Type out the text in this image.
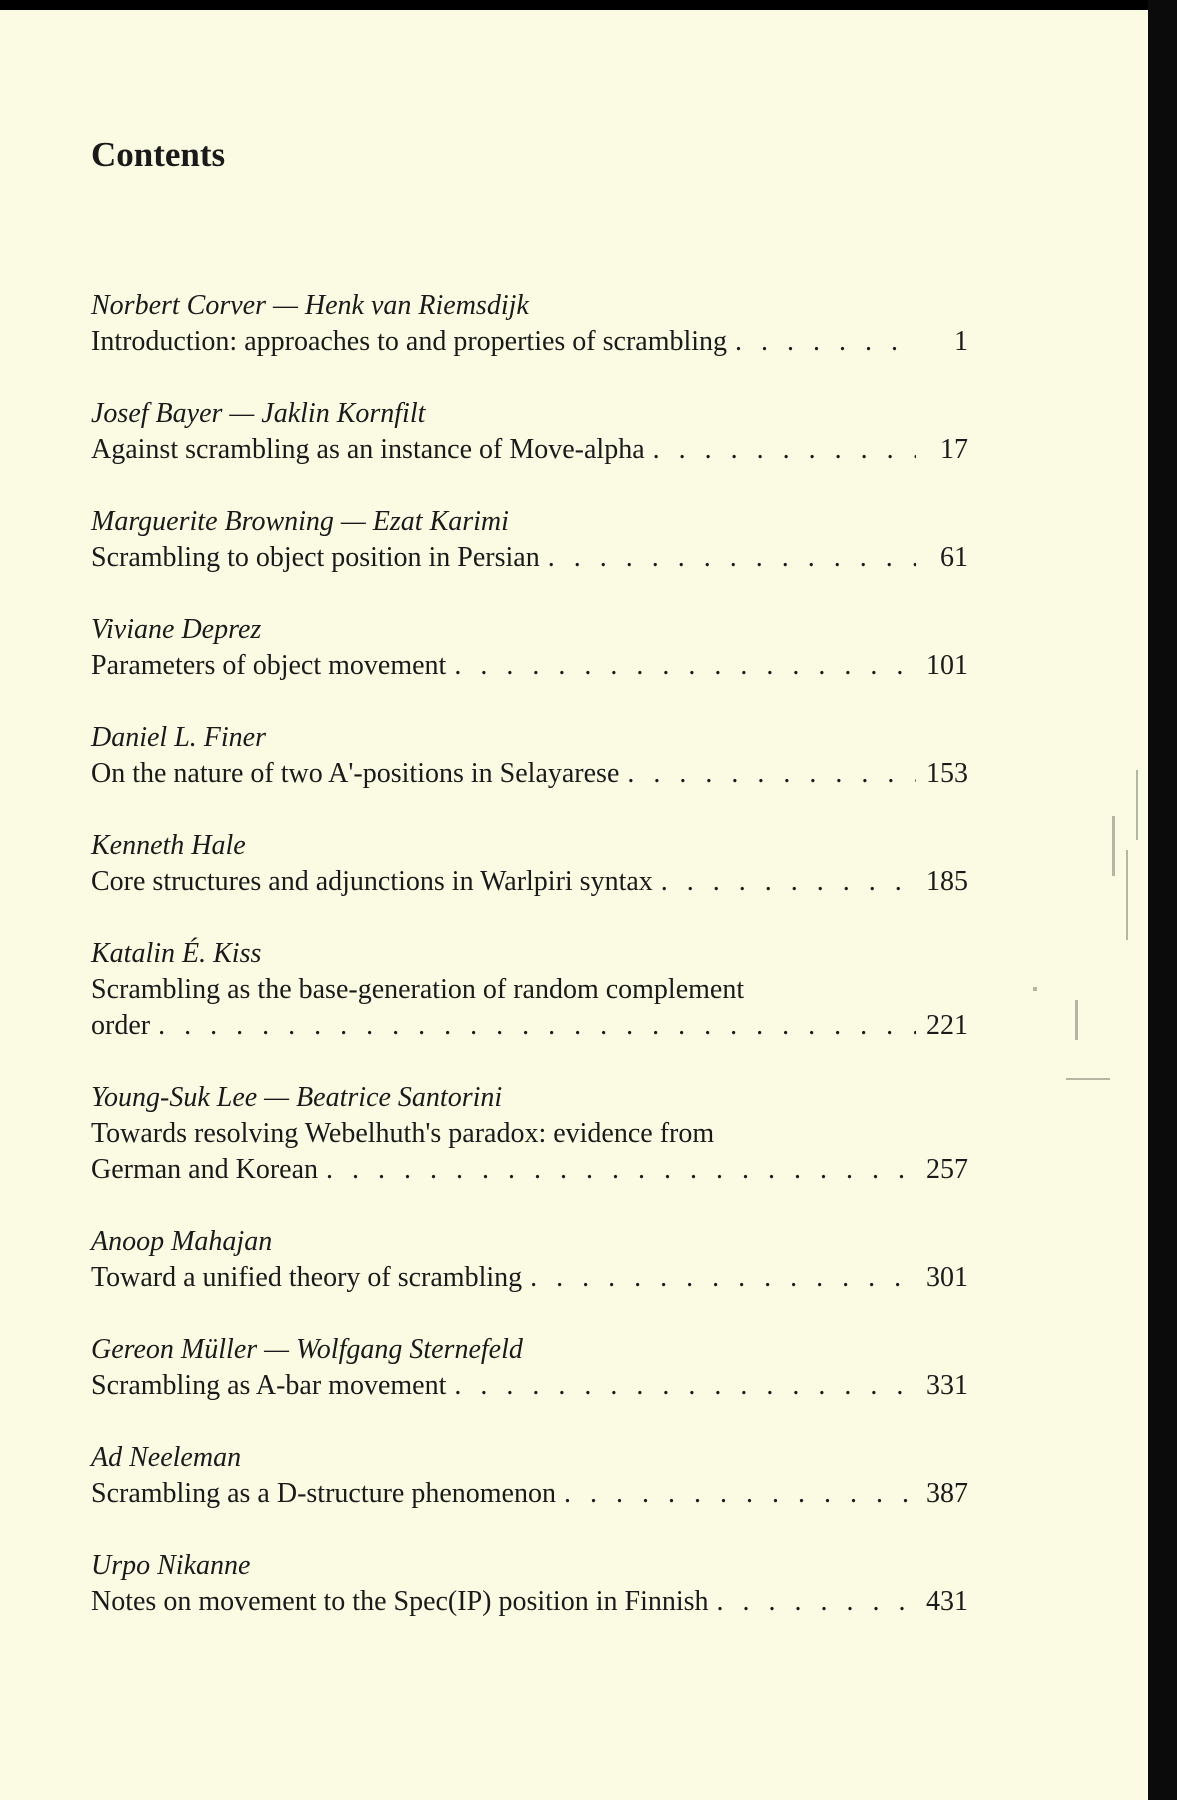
Contents
Norbert Corver — Henk van Riemsdijk
Introduction: approaches to and properties of scrambling . . .	1
Josef Bayer — Jaklin Kornfilt
Against scrambling as an instance of Move-alpha . . .	17
Marguerite Browning — Ezat Karimi
Scrambling to object position in Persian . . .	61
Viviane Deprez
Parameters of object movement . . .	101
Daniel L. Finer
On the nature of two A'-positions in Selayarese . . .	153
Kenneth Hale
Core structures and adjunctions in Warlpiri syntax . . .	185
Katalin É. Kiss
Scrambling as the base-generation of random complement
order . . .	221
Young-Suk Lee — Beatrice Santorini
Towards resolving Webelhuth's paradox: evidence from
German and Korean . . .	257
Anoop Mahajan
Toward a unified theory of scrambling . . .	301
Gereon Müller — Wolfgang Sternefeld
Scrambling as A-bar movement . . .	331
Ad Neeleman
Scrambling as a D-structure phenomenon . . .	387
Urpo Nikanne
Notes on movement to the Spec(IP) position in Finnish . . .	431
